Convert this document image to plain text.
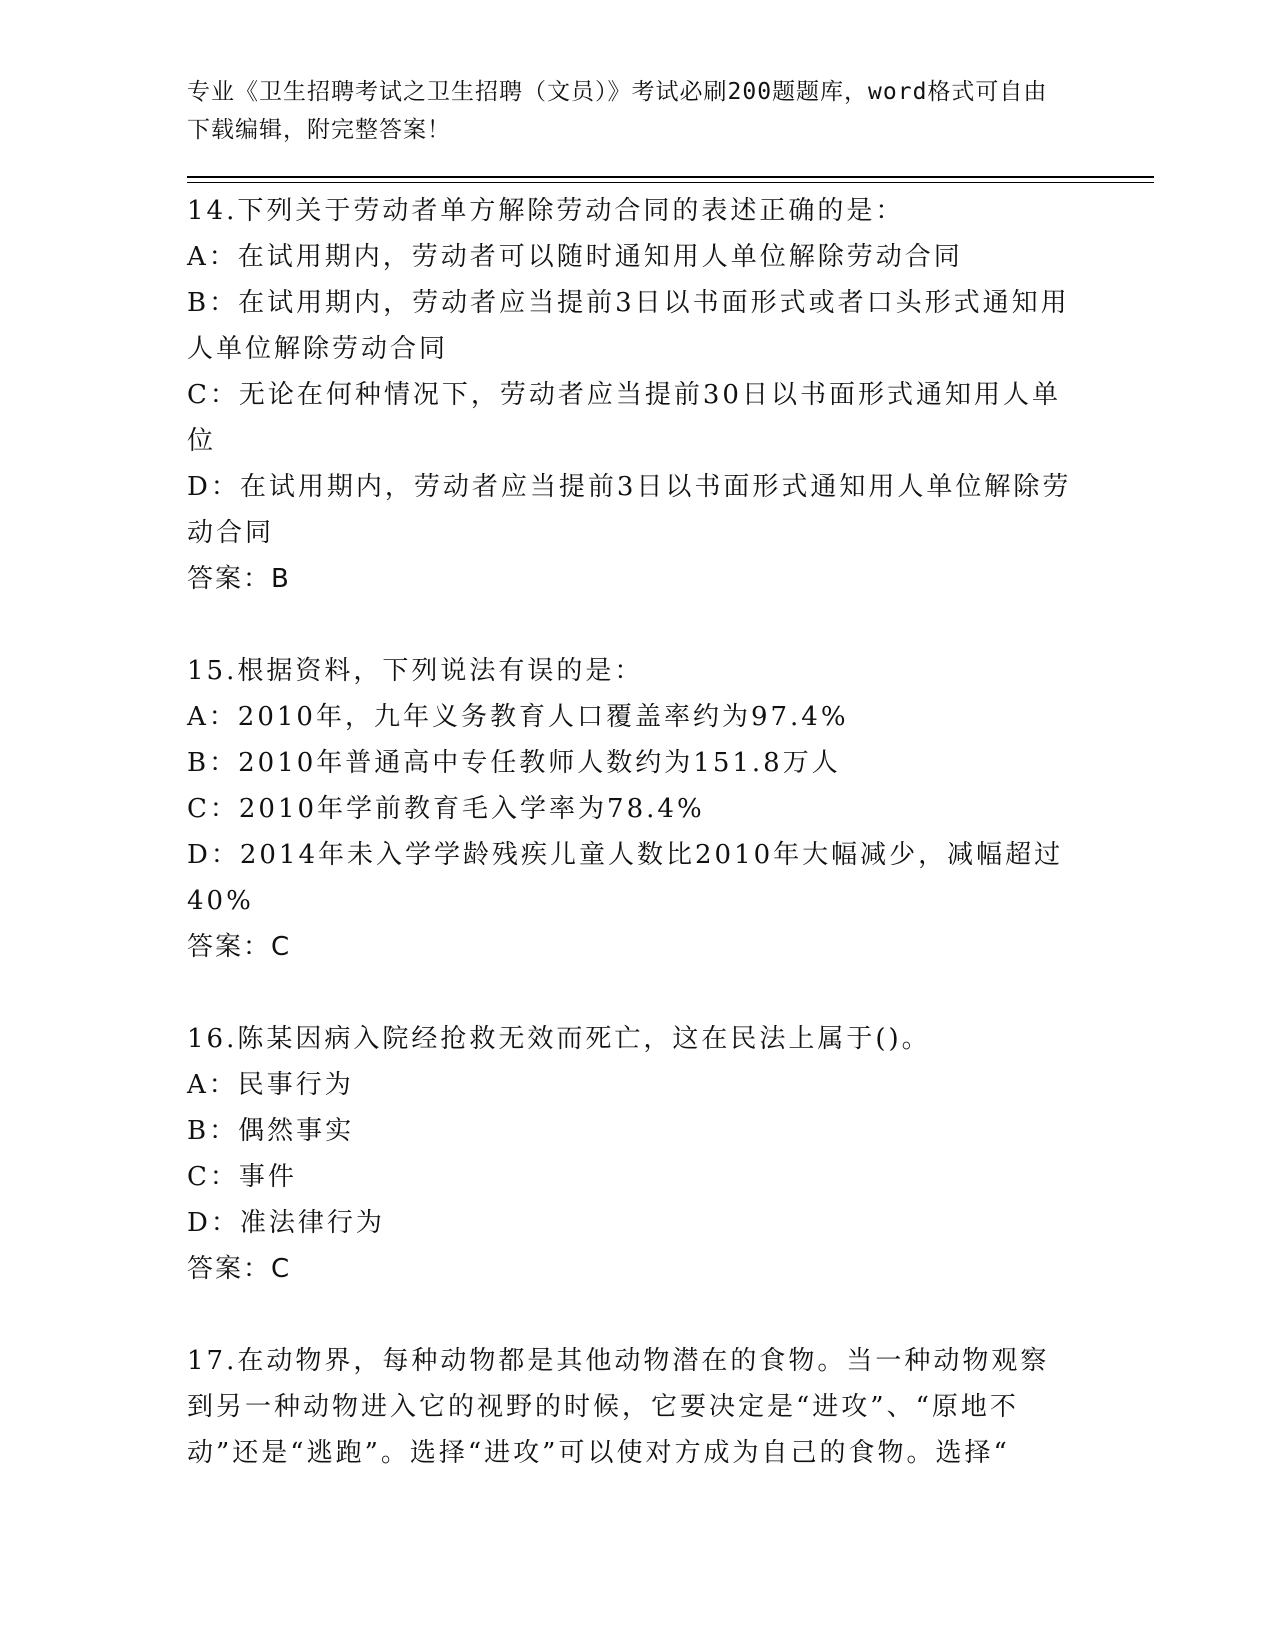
专业《卫生招聘考试之卫生招聘（文员）》考试必刷200题题库，word格式可自由下载编辑，附完整答案！
14.下列关于劳动者单方解除劳动合同的表述正确的是：
A：在试用期内，劳动者可以随时通知用人单位解除劳动合同
B：在试用期内，劳动者应当提前3日以书面形式或者口头形式通知用人单位解除劳动合同
C：无论在何种情况下，劳动者应当提前30日以书面形式通知用人单位
D：在试用期内，劳动者应当提前3日以书面形式通知用人单位解除劳动合同
答案：B
15.根据资料，下列说法有误的是：
A：2010年，九年义务教育人口覆盖率约为97.4%
B：2010年普通高中专任教师人数约为151.8万人
C：2010年学前教育毛入学率为78.4%
D：2014年未入学学龄残疾儿童人数比2010年大幅减少，减幅超过40%
答案：C
16.陈某因病入院经抢救无效而死亡，这在民法上属于()。
A：民事行为
B：偶然事实
C：事件
D：准法律行为
答案：C
17.在动物界，每种动物都是其他动物潜在的食物。当一种动物观察到另一种动物进入它的视野的时候，它要决定是“进攻”、“原地不动”还是“逃跑”。选择“进攻”可以使对方成为自己的食物。选择“
